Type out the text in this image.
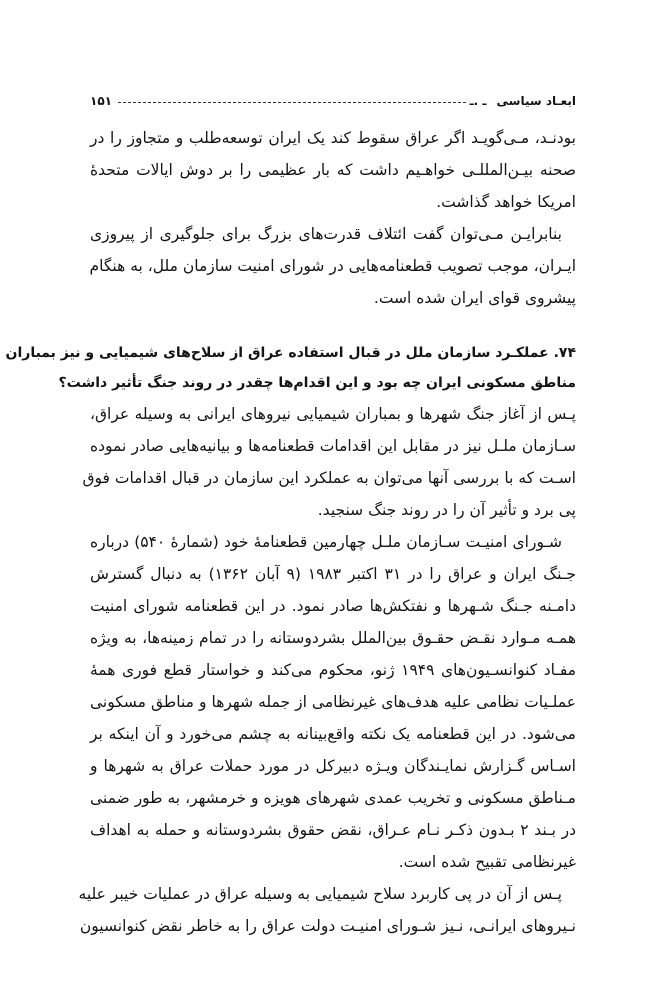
ابعـاد سیاسی
ـ .ـ
۱۵۱
بودنـد، مـی‌گویـد اگر عراق سقوط کند یک ایران توسعه‌طلب و متجاوز را در
صحنه بیـن‌المللـی خواهـیم داشت که بار عظیمی را بر دوش ایالات متحدهٔ
امریکا خواهد گذاشت.
بنابرایـن مـی‌توان گفت ائتلاف قدرت‌های بزرگ برای جلوگیری از پیروزی
ایـران، موجب تصویب قطعنامه‌هایی در شورای امنیت سازمان ملل، به هنگام
پیشروی قوای ایران شده است.
۷۴. عملکـرد سازمان ملل در قبال استفاده عراق از سلاح‌های شیمیایی و نیز بمباران
مناطق مسکونی ایران چه بود و این اقدام‌ها چقدر در روند جنگ تأثیر داشت؟
پـس از آغاز جنگ شهرها و بمباران شیمیایی نیروهای ایرانی به وسیله عراق،
سـازمان ملـل نیز در مقابل این اقدامات قطعنامه‌ها و بیانیه‌هایی صادر نموده
اسـت که با بررسی آنها می‌توان به عملکرد این سازمان در قبال اقدامات فوق
پی برد و تأثیر آن را در روند جنگ سنجید.
شـورای امنیـت سـازمان ملـل چهارمین قطعنامهٔ خود (شمارهٔ ۵۴۰) درباره
جـنگ ایران و عراق را در ۳۱ اکتبر ۱۹۸۳ (۹ آبان ۱۳۶۲) به دنبال گسترش
دامـنه جـنگ شـهرها و نفتکش‌ها صادر نمود. در این قطعنامه شورای امنیت
همـه مـوارد نقـض حقـوق بین‌الملل بشردوستانه را در تمام زمینه‌ها، به ویژه
مفـاد کنوانسـیون‌های ۱۹۴۹ ژنو، محکوم می‌کند و خواستار قطع فوری همهٔ
عملـیات نظامی علیه هدف‌های غیرنظامی از جمله شهرها و مناطق مسکونی
می‌شود. در این قطعنامه یک نکته واقع‌بینانه به چشم می‌خورد و آن اینکه بر
اسـاس گـزارش نمایـندگان ویـژه دبیرکل در مورد حملات عراق به شهرها و
مـناطق مسکونی و تخریب عمدی شهرهای هویزه و خرمشهر، به طور ضمنی
در بـند ۲ بـدون ذکـر نـام عـراق، نقض حقوق بشردوستانه و حمله به اهداف
غیرنظامی تقبیح شده است.
پـس از آن در پی کاربرد سلاح شیمیایی به وسیله عراق در عملیات خیبر علیه
نـیروهای ایرانـی، نـیز شـورای امنیـت دولت عراق را به خاطر نقض کنوانسیون
